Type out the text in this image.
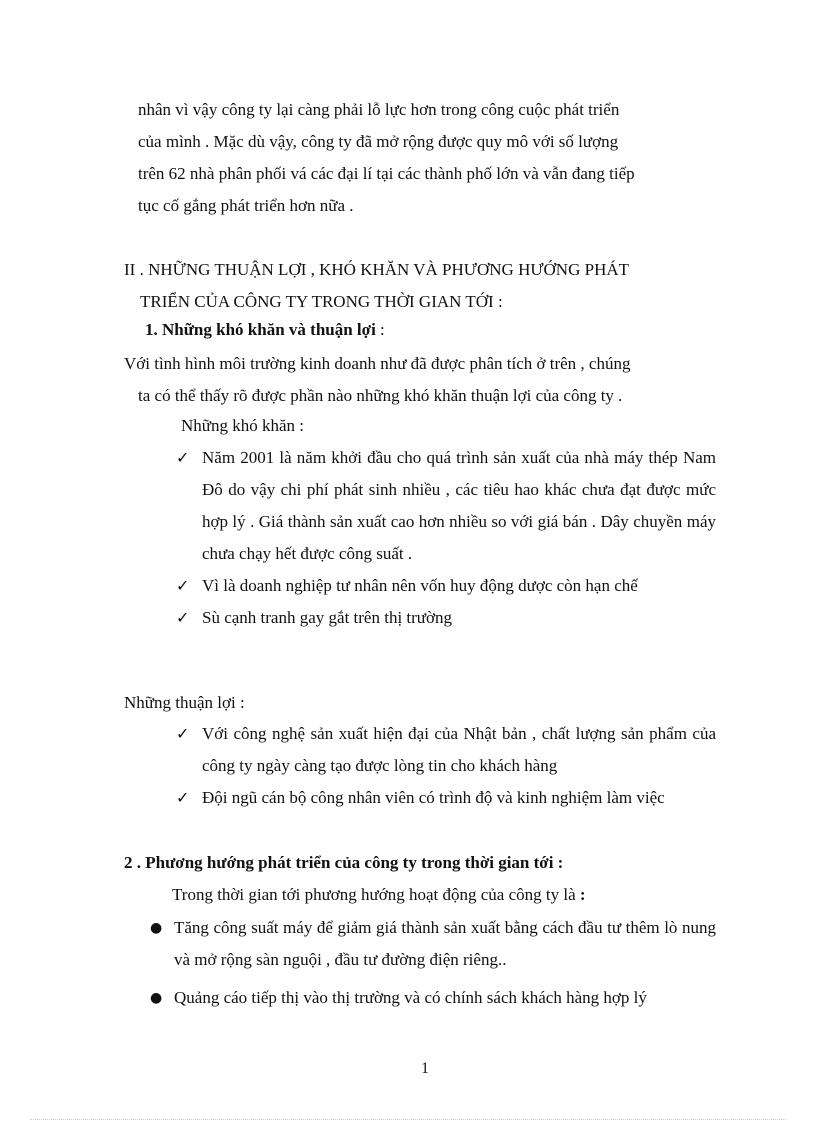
nhân vì vậy công ty lại càng phải lỗ lực hơn trong công cuộc phát triển
của mình . Mặc dù vậy, công ty đã mở rộng được quy mô với số lượng
trên 62 nhà phân phối vá các đại lí tại các thành phố lớn và vẫn đang tiếp
tục cố gắng phát triển hơn nữa .
II . NHỮNG THUẬN LỢI , KHÓ KHĂN VÀ PHƯƠNG HƯỚNG PHÁT
TRIỂN CỦA CÔNG TY TRONG THỜI GIAN TỚI :
1. Những khó khăn và thuận lợi :
Với tình hình môi trường kinh doanh như đã được phân tích ở trên , chúng
ta có thể thấy rõ được phần nào những khó khăn thuận lợi của công ty .
Những khó khăn :
✓ Năm 2001 là năm khởi đầu cho quá trình sản xuất của nhà máy thép Nam Đô do vậy chi phí phát sinh nhiều , các tiêu hao khác chưa đạt được mức hợp lý . Giá thành sản xuất cao hơn nhiều so với giá bán . Dây chuyền máy chưa chạy hết được công suất .
✓ Vì là doanh nghiệp tư nhân nên vốn huy động dược còn hạn chế
✓ Sù cạnh tranh gay gắt trên thị trường
Những thuận lợi :
✓ Với công nghệ sản xuất hiện đại của Nhật bản , chất lượng sản phẩm của công ty ngày càng tạo được lòng tin cho khách hàng
✓ Đội ngũ cán bộ công nhân viên có trình độ và kinh nghiệm làm việc
2 . Phương hướng phát triển của công ty trong thời gian tới :
Trong thời gian tới phương hướng hoạt động của công ty là :
● Tăng công suất máy để giảm giá thành sản xuất bằng cách đầu tư thêm lò nung và mở rộng sàn nguội , đầu tư đường điện riêng..
● Quảng cáo tiếp thị vào thị trường và có chính sách khách hàng hợp lý
1
